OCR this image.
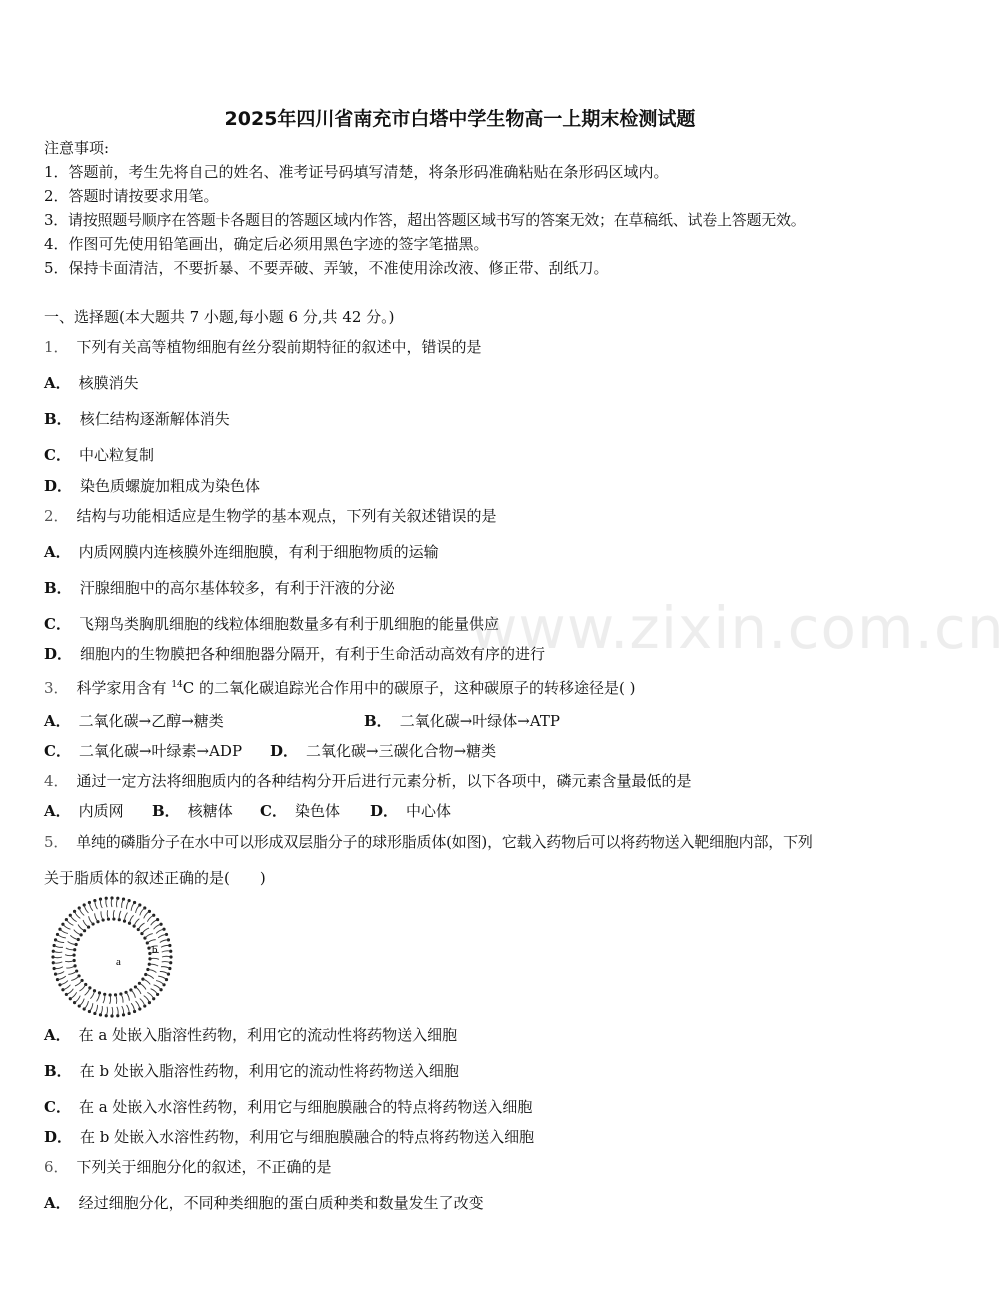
www.zixin.com.cn
2025年四川省南充市白塔中学生物高一上期末检测试题
注意事项:
1．答题前，考生先将自己的姓名、准考证号码填写清楚，将条形码准确粘贴在条形码区域内。
2．答题时请按要求用笔。
3．请按照题号顺序在答题卡各题目的答题区域内作答，超出答题区域书写的答案无效；在草稿纸、试卷上答题无效。
4．作图可先使用铅笔画出，确定后必须用黑色字迹的签字笔描黑。
5．保持卡面清洁，不要折暴、不要弄破、弄皱，不准使用涂改液、修正带、刮纸刀。
一、选择题(本大题共 7 小题,每小题 6 分,共 42 分。)
1． 下列有关高等植物细胞有丝分裂前期特征的叙述中，错误的是
A． 核膜消失
B． 核仁结构逐渐解体消失
C． 中心粒复制
D． 染色质螺旋加粗成为染色体
2． 结构与功能相适应是生物学的基本观点，下列有关叙述错误的是
A． 内质网膜内连核膜外连细胞膜，有利于细胞物质的运输
B． 汗腺细胞中的高尔基体较多，有利于汗液的分泌
C． 飞翔鸟类胸肌细胞的线粒体细胞数量多有利于肌细胞的能量供应
D． 细胞内的生物膜把各种细胞器分隔开，有利于生命活动高效有序的进行
3． 科学家用含有 $^{14}$C 的二氧化碳追踪光合作用中的碳原子，这种碳原子的转移途径是( )
A． 二氧化碳→乙醇→糖类	B． 二氧化碳→叶绿体→ATP
C． 二氧化碳→叶绿素→ADP D． 二氧化碳→三碳化合物→糖类
4． 通过一定方法将细胞质内的各种结构分开后进行元素分析，以下各项中，磷元素含量最低的是
A． 内质网 B． 核糖体 C． 染色体 D． 中心体
5． 单纯的磷脂分子在水中可以形成双层脂分子的球形脂质体(如图)，它载入药物后可以将药物送入靶细胞内部，下列
关于脂质体的叙述正确的是(　　)
a
b
A． 在 a 处嵌入脂溶性药物，利用它的流动性将药物送入细胞
B． 在 b 处嵌入脂溶性药物，利用它的流动性将药物送入细胞
C． 在 a 处嵌入水溶性药物，利用它与细胞膜融合的特点将药物送入细胞
D． 在 b 处嵌入水溶性药物，利用它与细胞膜融合的特点将药物送入细胞
6． 下列关于细胞分化的叙述，不正确的是
A． 经过细胞分化，不同种类细胞的蛋白质种类和数量发生了改变
